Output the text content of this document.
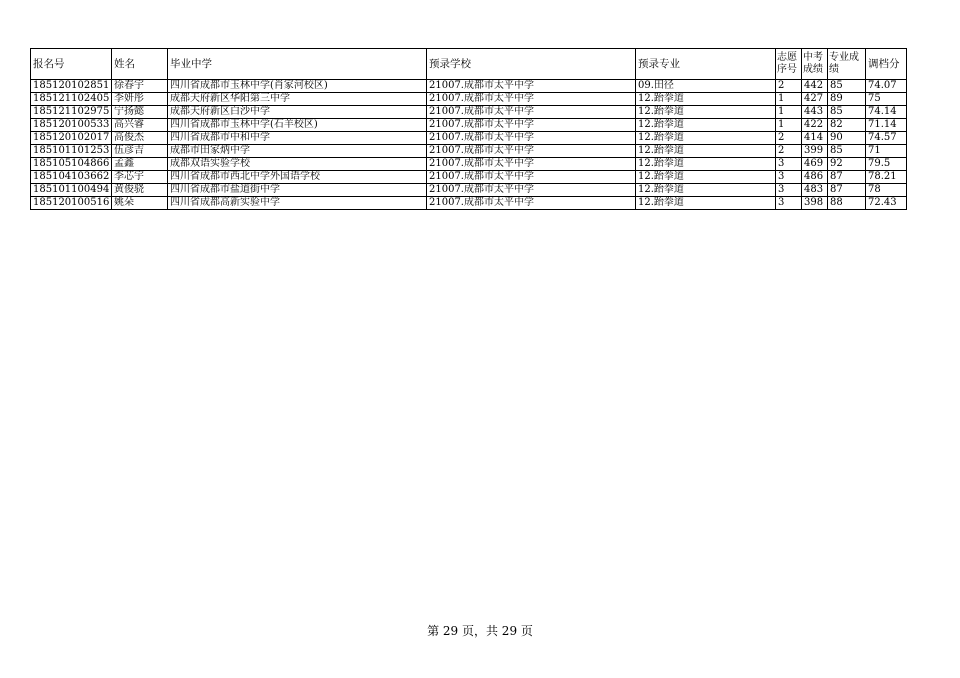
报名号	姓名	毕业中学	预录学校	预录专业	志愿序号	中考成绩	专业成绩	调档分
185120102851	徐春宇	四川省成都市玉林中学(肖家河校区)	21007.成都市太平中学	09.田径	2	442	85	74.07
185121102405	李妍彤	成都天府新区华阳第三中学	21007.成都市太平中学	12.跆拳道	1	427	89	75
185121102975	宁扬懿	成都天府新区白沙中学	21007.成都市太平中学	12.跆拳道	1	443	85	74.14
185120100533	高兴睿	四川省成都市玉林中学(石羊校区)	21007.成都市太平中学	12.跆拳道	1	422	82	71.14
185120102017	高俊杰	四川省成都市中和中学	21007.成都市太平中学	12.跆拳道	2	414	90	74.57
185101101253	伍彦吉	成都市田家炳中学	21007.成都市太平中学	12.跆拳道	2	399	85	71
185105104866	孟鑫	成都双语实验学校	21007.成都市太平中学	12.跆拳道	3	469	92	79.5
185104103662	李芯宇	四川省成都市西北中学外国语学校	21007.成都市太平中学	12.跆拳道	3	486	87	78.21
185101100494	黄俊骁	四川省成都市盐道街中学	21007.成都市太平中学	12.跆拳道	3	483	87	78
185120100516	姚朵	四川省成都高新实验中学	21007.成都市太平中学	12.跆拳道	3	398	88	72.43
第 29 页，共 29 页
